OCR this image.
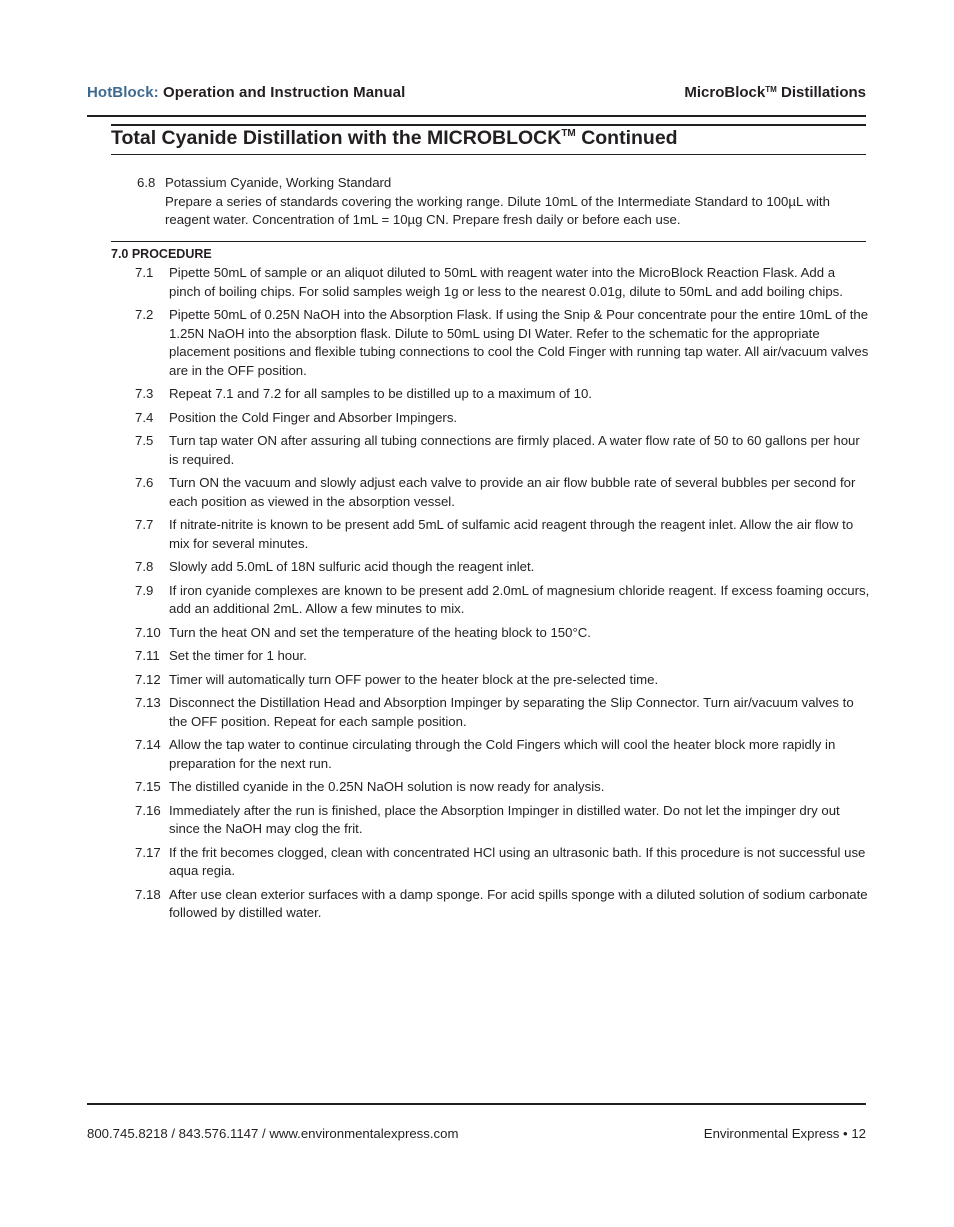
HotBlock: Operation and Instruction Manual	MicroBlock™ Distillations
Total Cyanide Distillation with the MICROBLOCK™ Continued
6.8 Potassium Cyanide, Working Standard
Prepare a series of standards covering the working range. Dilute 10mL of the Intermediate Standard to 100µL with reagent water. Concentration of 1mL = 10µg CN. Prepare fresh daily or before each use.
7.0 PROCEDURE
7.1	Pipette 50mL of sample or an aliquot diluted to 50mL with reagent water into the MicroBlock Reaction Flask. Add a pinch of boiling chips. For solid samples weigh 1g or less to the nearest 0.01g, dilute to 50mL and add boiling chips.
7.2	Pipette 50mL of 0.25N NaOH into the Absorption Flask. If using the Snip & Pour concentrate pour the entire 10mL of the 1.25N NaOH into the absorption flask. Dilute to 50mL using DI Water. Refer to the schematic for the appropriate placement positions and flexible tubing connections to cool the Cold Finger with running tap water. All air/vacuum valves are in the OFF position.
7.3	Repeat 7.1 and 7.2 for all samples to be distilled up to a maximum of 10.
7.4	Position the Cold Finger and Absorber Impingers.
7.5	Turn tap water ON after assuring all tubing connections are firmly placed. A water flow rate of 50 to 60 gallons per hour is required.
7.6	Turn ON the vacuum and slowly adjust each valve to provide an air flow bubble rate of several bubbles per second for each position as viewed in the absorption vessel.
7.7	If nitrate-nitrite is known to be present add 5mL of sulfamic acid reagent through the reagent inlet. Allow the air flow to mix for several minutes.
7.8	Slowly add 5.0mL of 18N sulfuric acid though the reagent inlet.
7.9	If iron cyanide complexes are known to be present add 2.0mL of magnesium chloride reagent. If excess foaming occurs, add an additional 2mL. Allow a few minutes to mix.
7.10 Turn the heat ON and set the temperature of the heating block to 150°C.
7.11 Set the timer for 1 hour.
7.12 Timer will automatically turn OFF power to the heater block at the pre-selected time.
7.13 Disconnect the Distillation Head and Absorption Impinger by separating the Slip Connector. Turn air/vacuum valves to the OFF position. Repeat for each sample position.
7.14 Allow the tap water to continue circulating through the Cold Fingers which will cool the heater block more rapidly in preparation for the next run.
7.15 The distilled cyanide in the 0.25N NaOH solution is now ready for analysis.
7.16 Immediately after the run is finished, place the Absorption Impinger in distilled water. Do not let the impinger dry out since the NaOH may clog the frit.
7.17 If the frit becomes clogged, clean with concentrated HCl using an ultrasonic bath. If this procedure is not successful use aqua regia.
7.18 After use clean exterior surfaces with a damp sponge. For acid spills sponge with a diluted solution of sodium carbonate followed by distilled water.
800.745.8218 / 843.576.1147 / www.environmentalexpress.com	Environmental Express • 12
